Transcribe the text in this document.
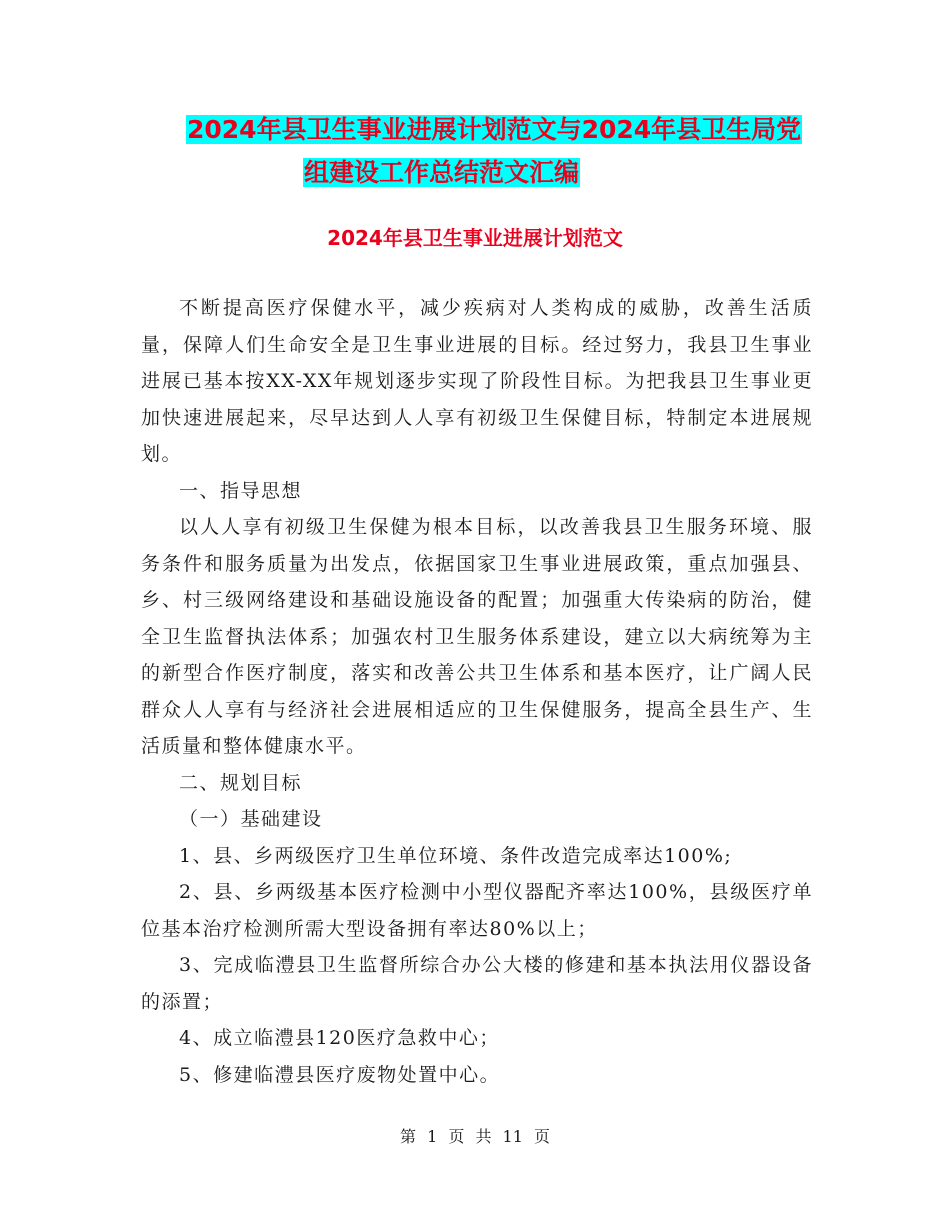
2024年县卫生事业进展计划范文与2024年县卫生局党
组建设工作总结范文汇编
2024年县卫生事业进展计划范文

不断提高医疗保健水平，减少疾病对人类构成的威胁，改善生活质量，保障人们生命安全是卫生事业进展的目标。经过努力，我县卫生事业进展已基本按XX-XX年规划逐步实现了阶段性目标。为把我县卫生事业更加快速进展起来，尽早达到人人享有初级卫生保健目标，特制定本进展规划。

一、指导思想

以人人享有初级卫生保健为根本目标，以改善我县卫生服务环境、服务条件和服务质量为出发点，依据国家卫生事业进展政策，重点加强县、乡、村三级网络建设和基础设施设备的配置；加强重大传染病的防治，健全卫生监督执法体系；加强农村卫生服务体系建设，建立以大病统筹为主的新型合作医疗制度，落实和改善公共卫生体系和基本医疗，让广阔人民群众人人享有与经济社会进展相适应的卫生保健服务，提高全县生产、生活质量和整体健康水平。

二、规划目标

（一）基础建设

1、县、乡两级医疗卫生单位环境、条件改造完成率达100%;

2、县、乡两级基本医疗检测中小型仪器配齐率达100%，县级医疗单位基本治疗检测所需大型设备拥有率达80%以上；

3、完成临澧县卫生监督所综合办公大楼的修建和基本执法用仪器设备的添置；

4、成立临澧县120医疗急救中心；

5、修建临澧县医疗废物处置中心。

第 1 页 共 11 页
